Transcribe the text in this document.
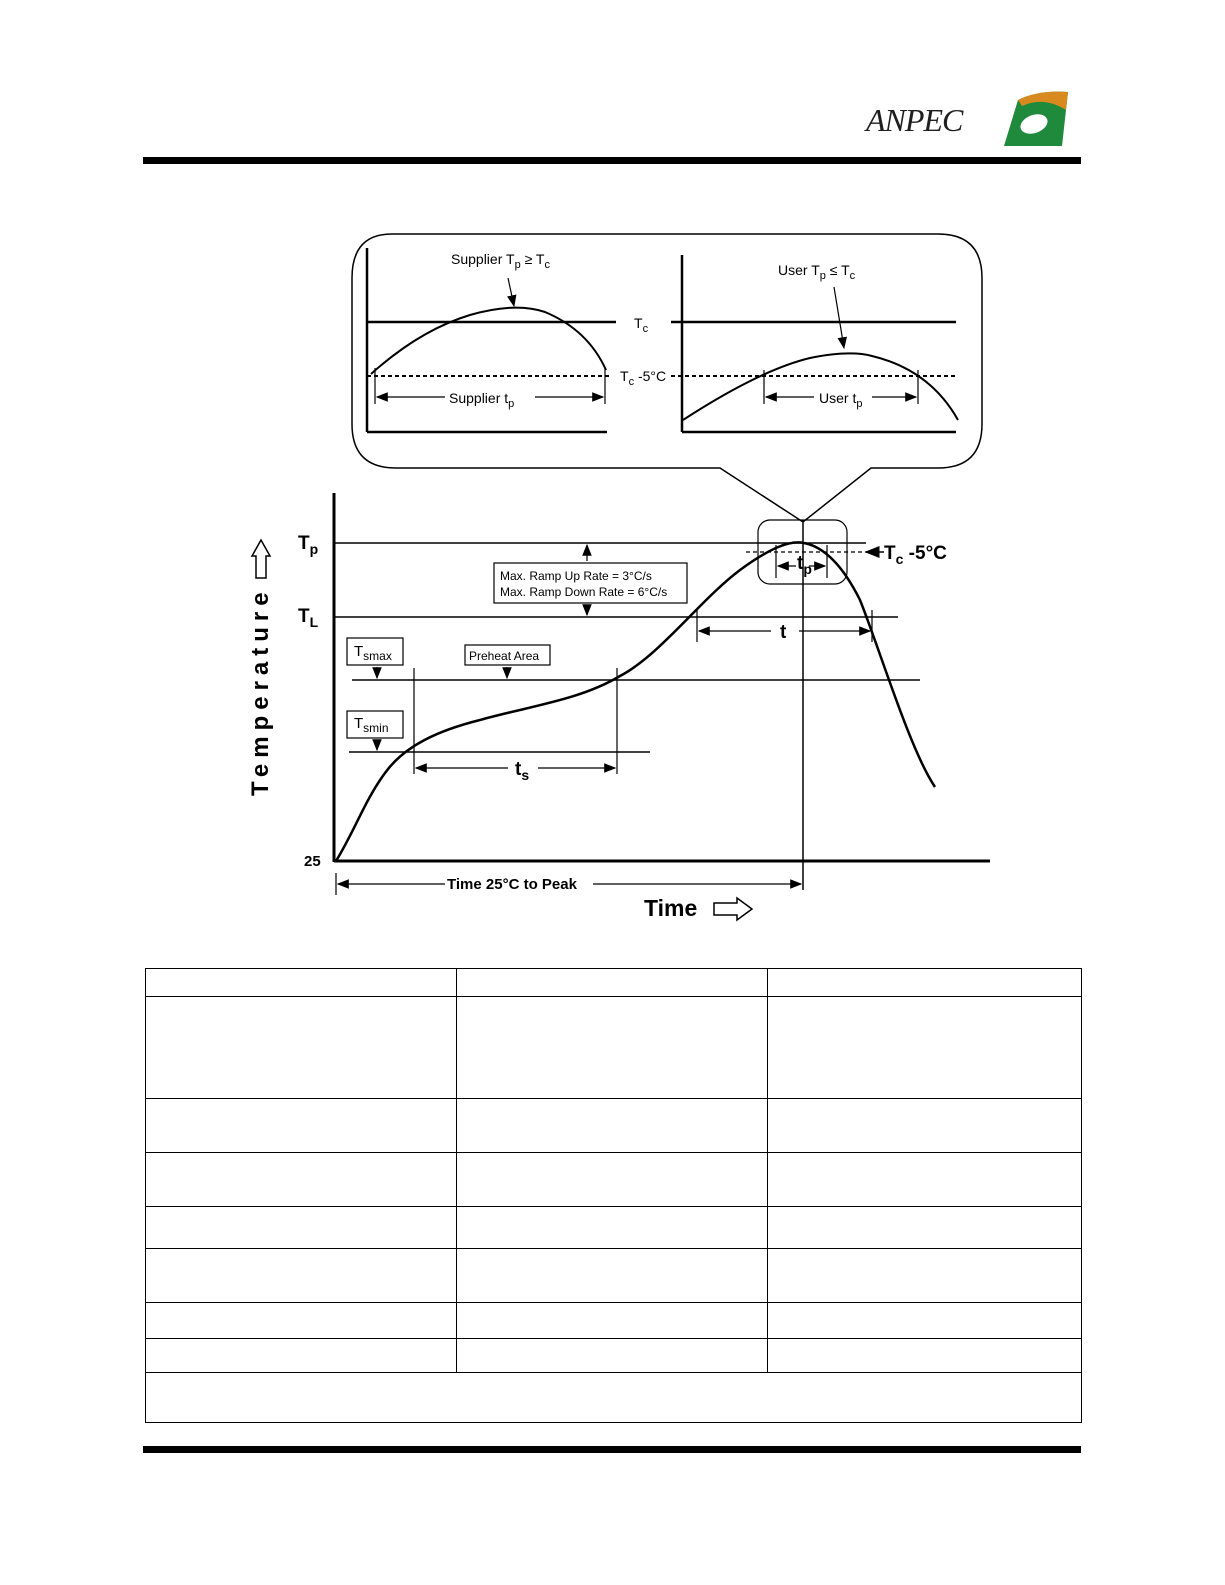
ANPEC
Supplier $T_p \ge T_c$
Supplier $t_p$
$T_c$
$T_c$ -5°C
User $T_p \le T_c$
User $t_p$
Temperature
25
$T_p$
$T_L$
$T_c$ -5°C
$T_{smax}$	Preheat Area
$T_{smin}$
$t_s$
Max. Ramp Up Rate = 3°C/s
Max. Ramp Down Rate = 6°C/s
t
$t_p$
Time 25°C to Peak
Time
